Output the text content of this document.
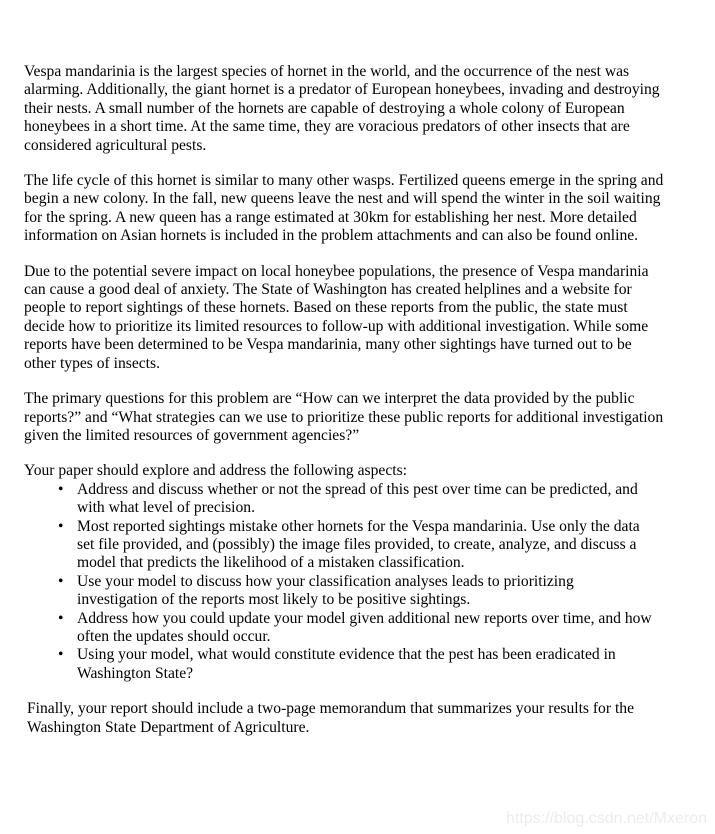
Vespa mandarinia is the largest species of hornet in the world, and the occurrence of the nest was alarming. Additionally, the giant hornet is a predator of European honeybees, invading and destroying their nests. A small number of the hornets are capable of destroying a whole colony of European honeybees in a short time. At the same time, they are voracious predators of other insects that are considered agricultural pests.

The life cycle of this hornet is similar to many other wasps. Fertilized queens emerge in the spring and begin a new colony. In the fall, new queens leave the nest and will spend the winter in the soil waiting for the spring. A new queen has a range estimated at 30km for establishing her nest. More detailed information on Asian hornets is included in the problem attachments and can also be found online.

Due to the potential severe impact on local honeybee populations, the presence of Vespa mandarinia can cause a good deal of anxiety. The State of Washington has created helplines and a website for people to report sightings of these hornets. Based on these reports from the public, the state must decide how to prioritize its limited resources to follow-up with additional investigation. While some reports have been determined to be Vespa mandarinia, many other sightings have turned out to be other types of insects.

The primary questions for this problem are “How can we interpret the data provided by the public reports?” and “What strategies can we use to prioritize these public reports for additional investigation given the limited resources of government agencies?”

Your paper should explore and address the following aspects:

• Address and discuss whether or not the spread of this pest over time can be predicted, and with what level of precision.
• Most reported sightings mistake other hornets for the Vespa mandarinia. Use only the data set file provided, and (possibly) the image files provided, to create, analyze, and discuss a model that predicts the likelihood of a mistaken classification.
• Use your model to discuss how your classification analyses leads to prioritizing investigation of the reports most likely to be positive sightings.
• Address how you could update your model given additional new reports over time, and how often the updates should occur.
• Using your model, what would constitute evidence that the pest has been eradicated in Washington State?

Finally, your report should include a two-page memorandum that summarizes your results for the Washington State Department of Agriculture.

https://blog.csdn.net/Mxeron
